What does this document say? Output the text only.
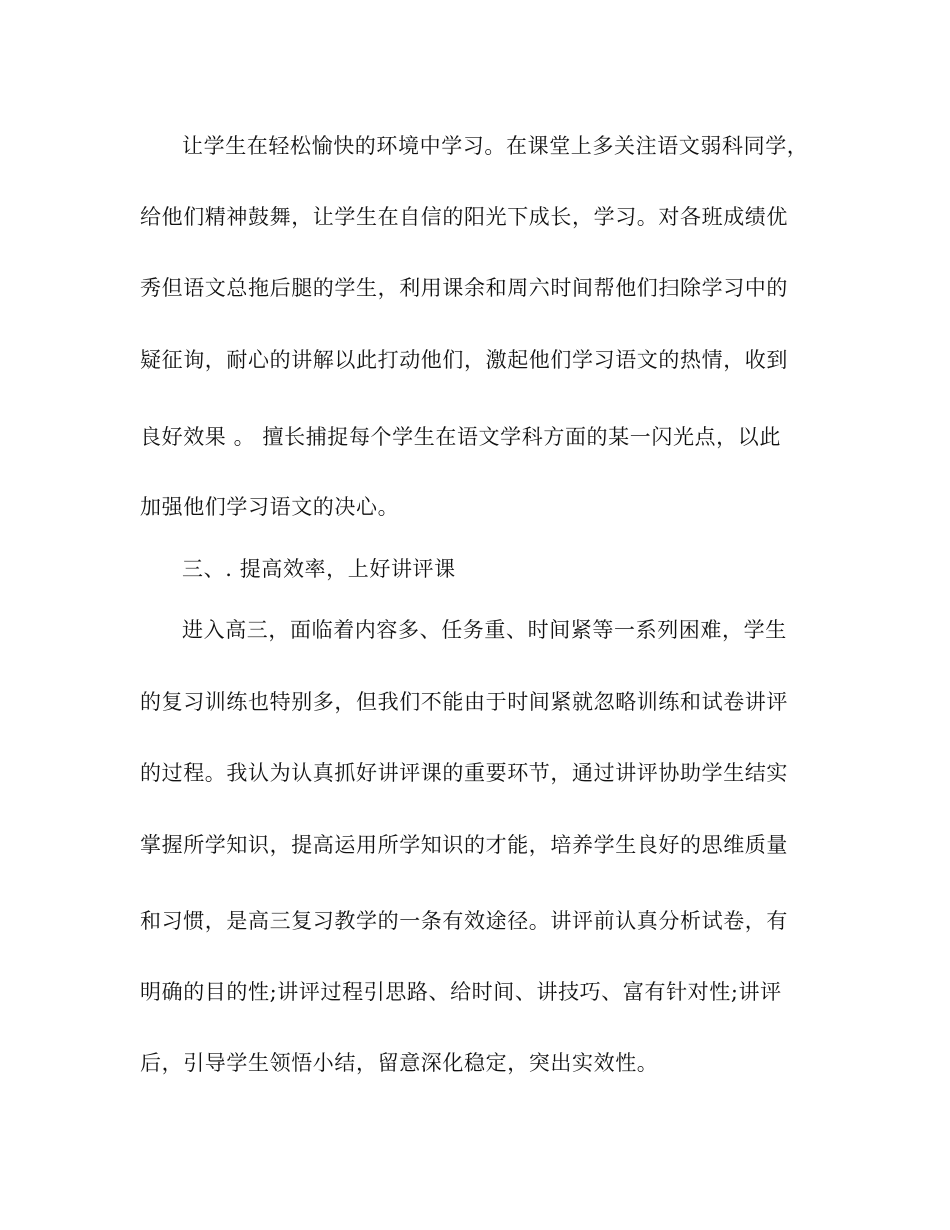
让学生在轻松愉快的环境中学习。在课堂上多关注语文弱科同学，
给他们精神鼓舞，让学生在自信的阳光下成长，学习。对各班成绩优
秀但语文总拖后腿的学生，利用课余和周六时间帮他们扫除学习中的
疑征询，耐心的讲解以此打动他们，激起他们学习语文的热情，收到
良好效果 。 擅长捕捉每个学生在语文学科方面的某一闪光点，以此
加强他们学习语文的决心。
三、. 提高效率，上好讲评课
进入高三，面临着内容多、任务重、时间紧等一系列困难，学生
的复习训练也特别多，但我们不能由于时间紧就忽略训练和试卷讲评
的过程。我认为认真抓好讲评课的重要环节，通过讲评协助学生结实
掌握所学知识，提高运用所学知识的才能，培养学生良好的思维质量
和习惯，是高三复习教学的一条有效途径。讲评前认真分析试卷，有
明确的目的性;讲评过程引思路、给时间、讲技巧、富有针对性;讲评
后，引导学生领悟小结，留意深化稳定，突出实效性。
